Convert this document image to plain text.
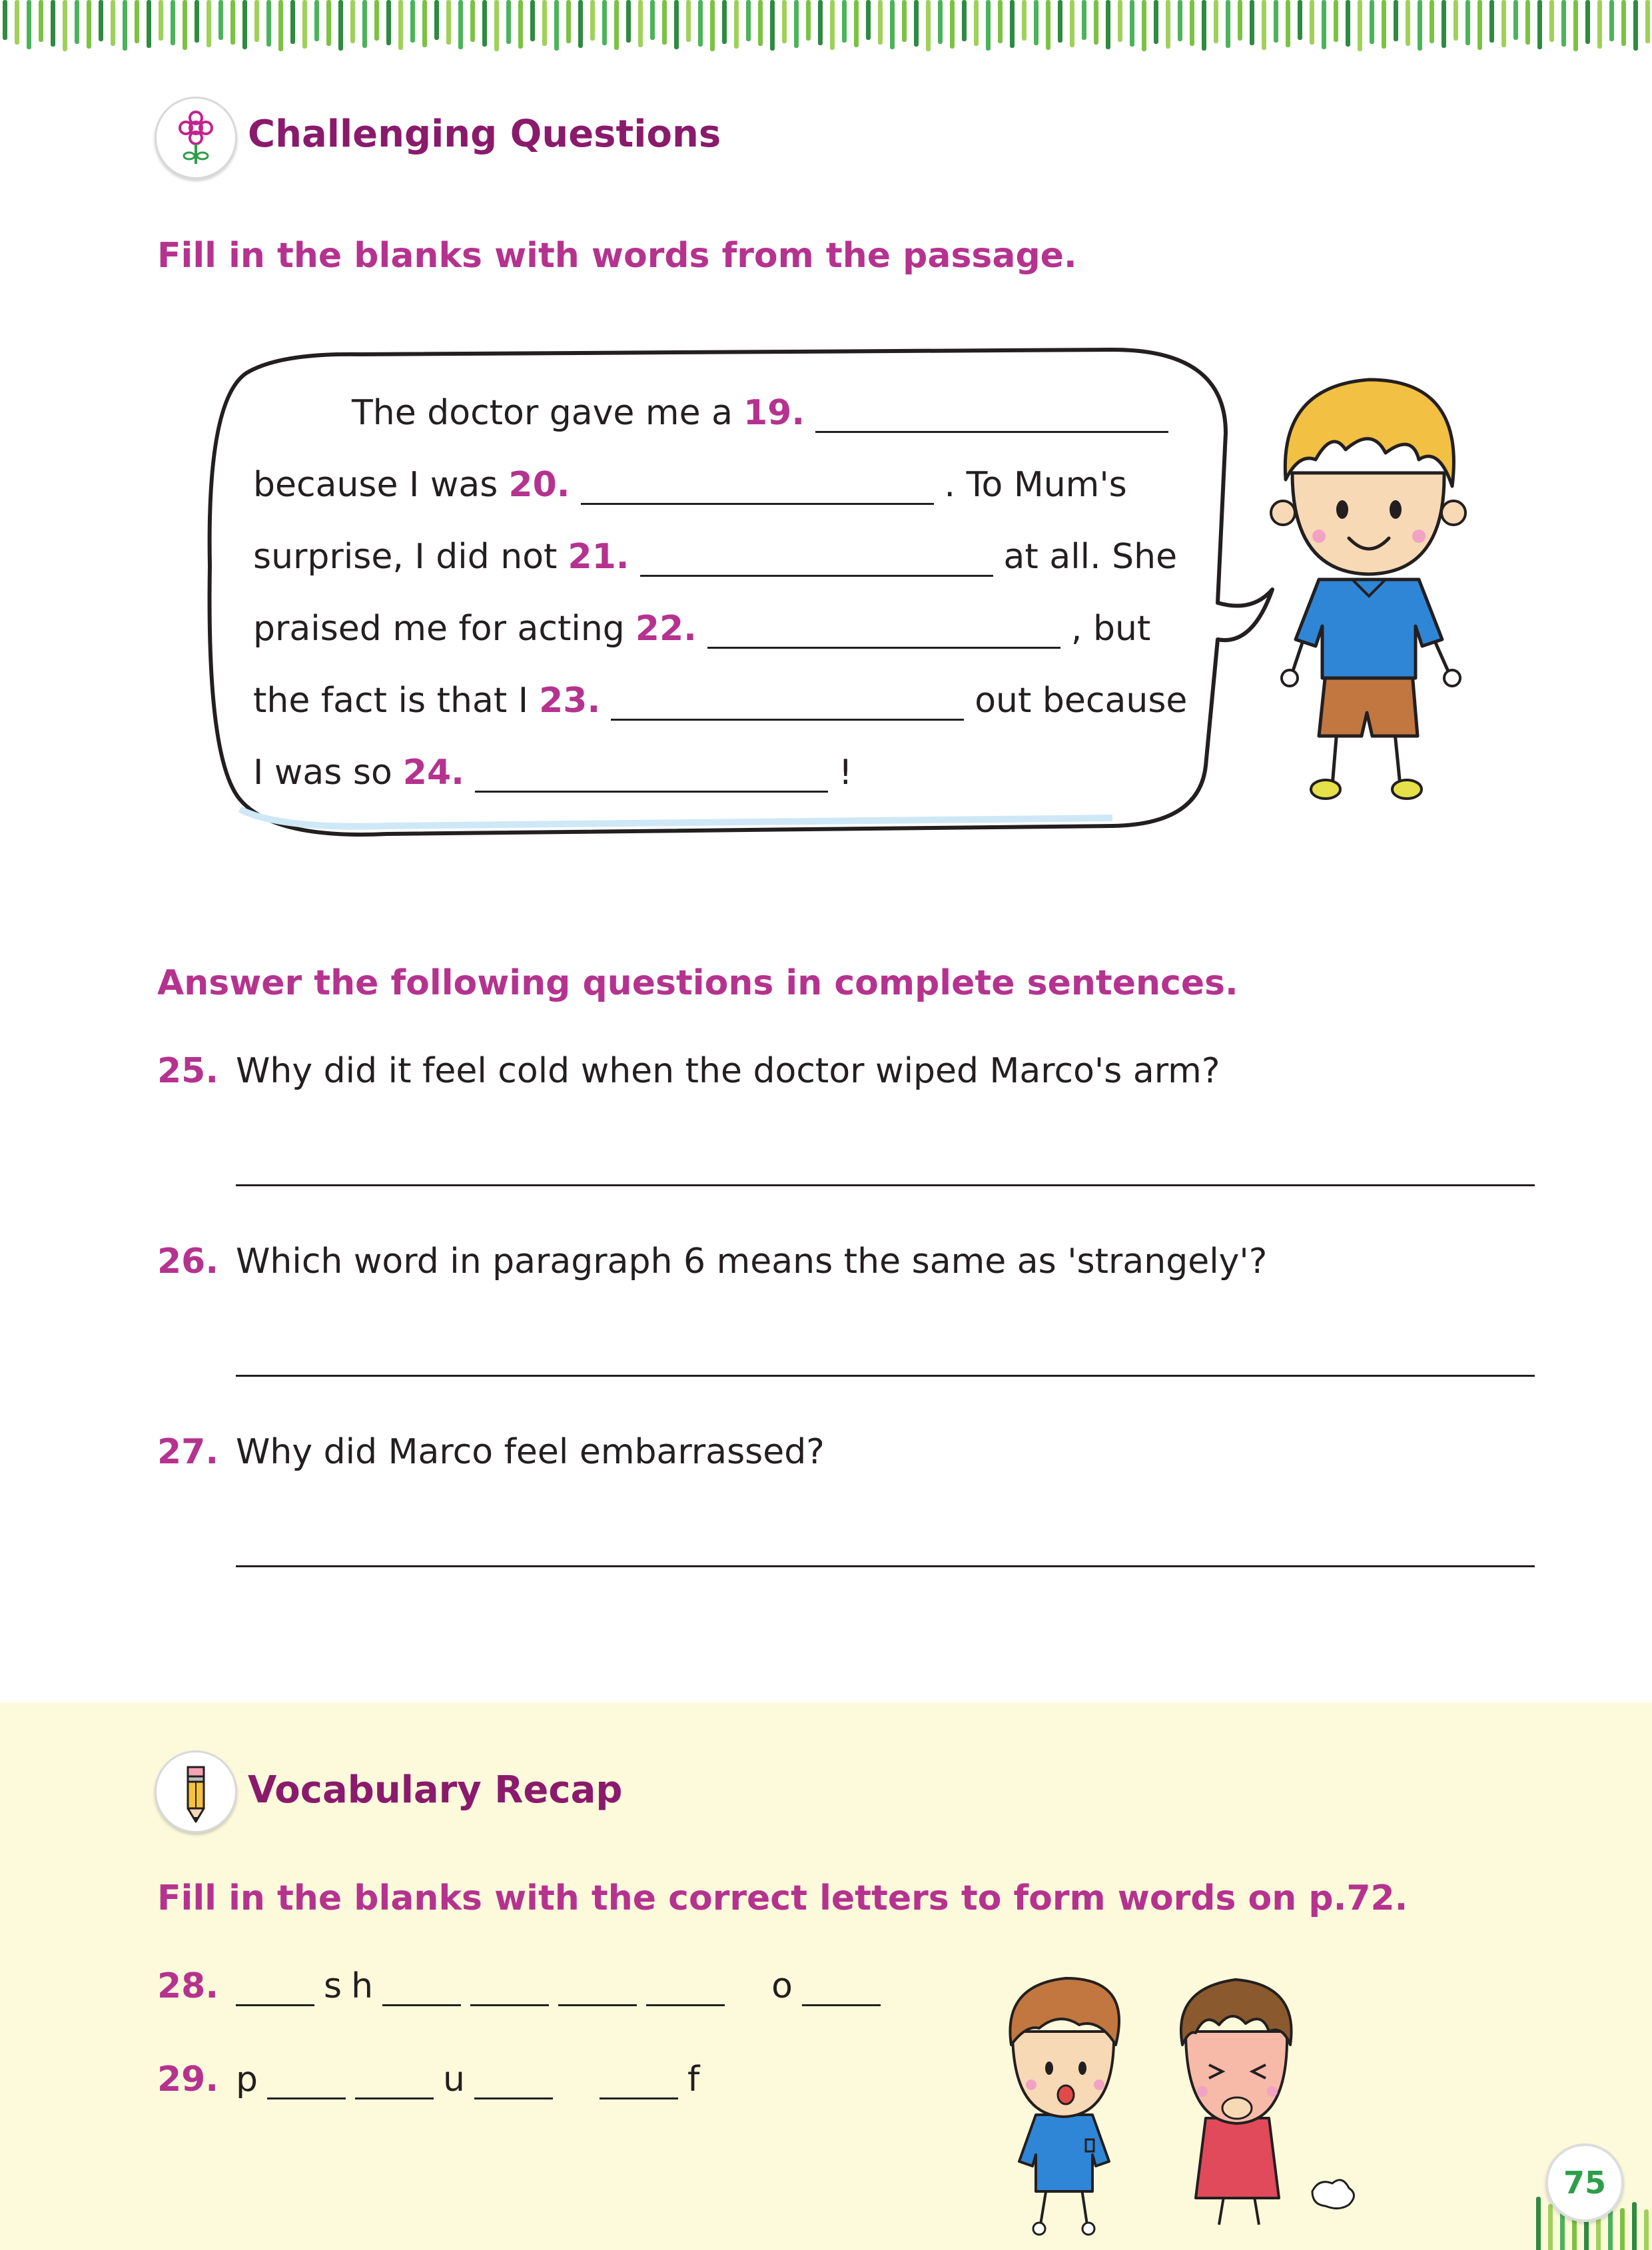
Challenging Questions
Fill in the blanks with words from the passage.
The doctor gave me a 19.
because I was 20.	. To Mum's
surprise, I did not 21.	at all. She
praised me for acting 22.	, but
the fact is that I 23.	out because
I was so 24.	!
Answer the following questions in complete sentences.
25. Why did it feel cold when the doctor wiped Marco's arm?
26. Which word in paragraph 6 means the same as 'strangely'?
27. Why did Marco feel embarrassed?
Vocabulary Recap
Fill in the blanks with the correct letters to form words on p.72.
28.	s h	o
29. p	u	f
75
